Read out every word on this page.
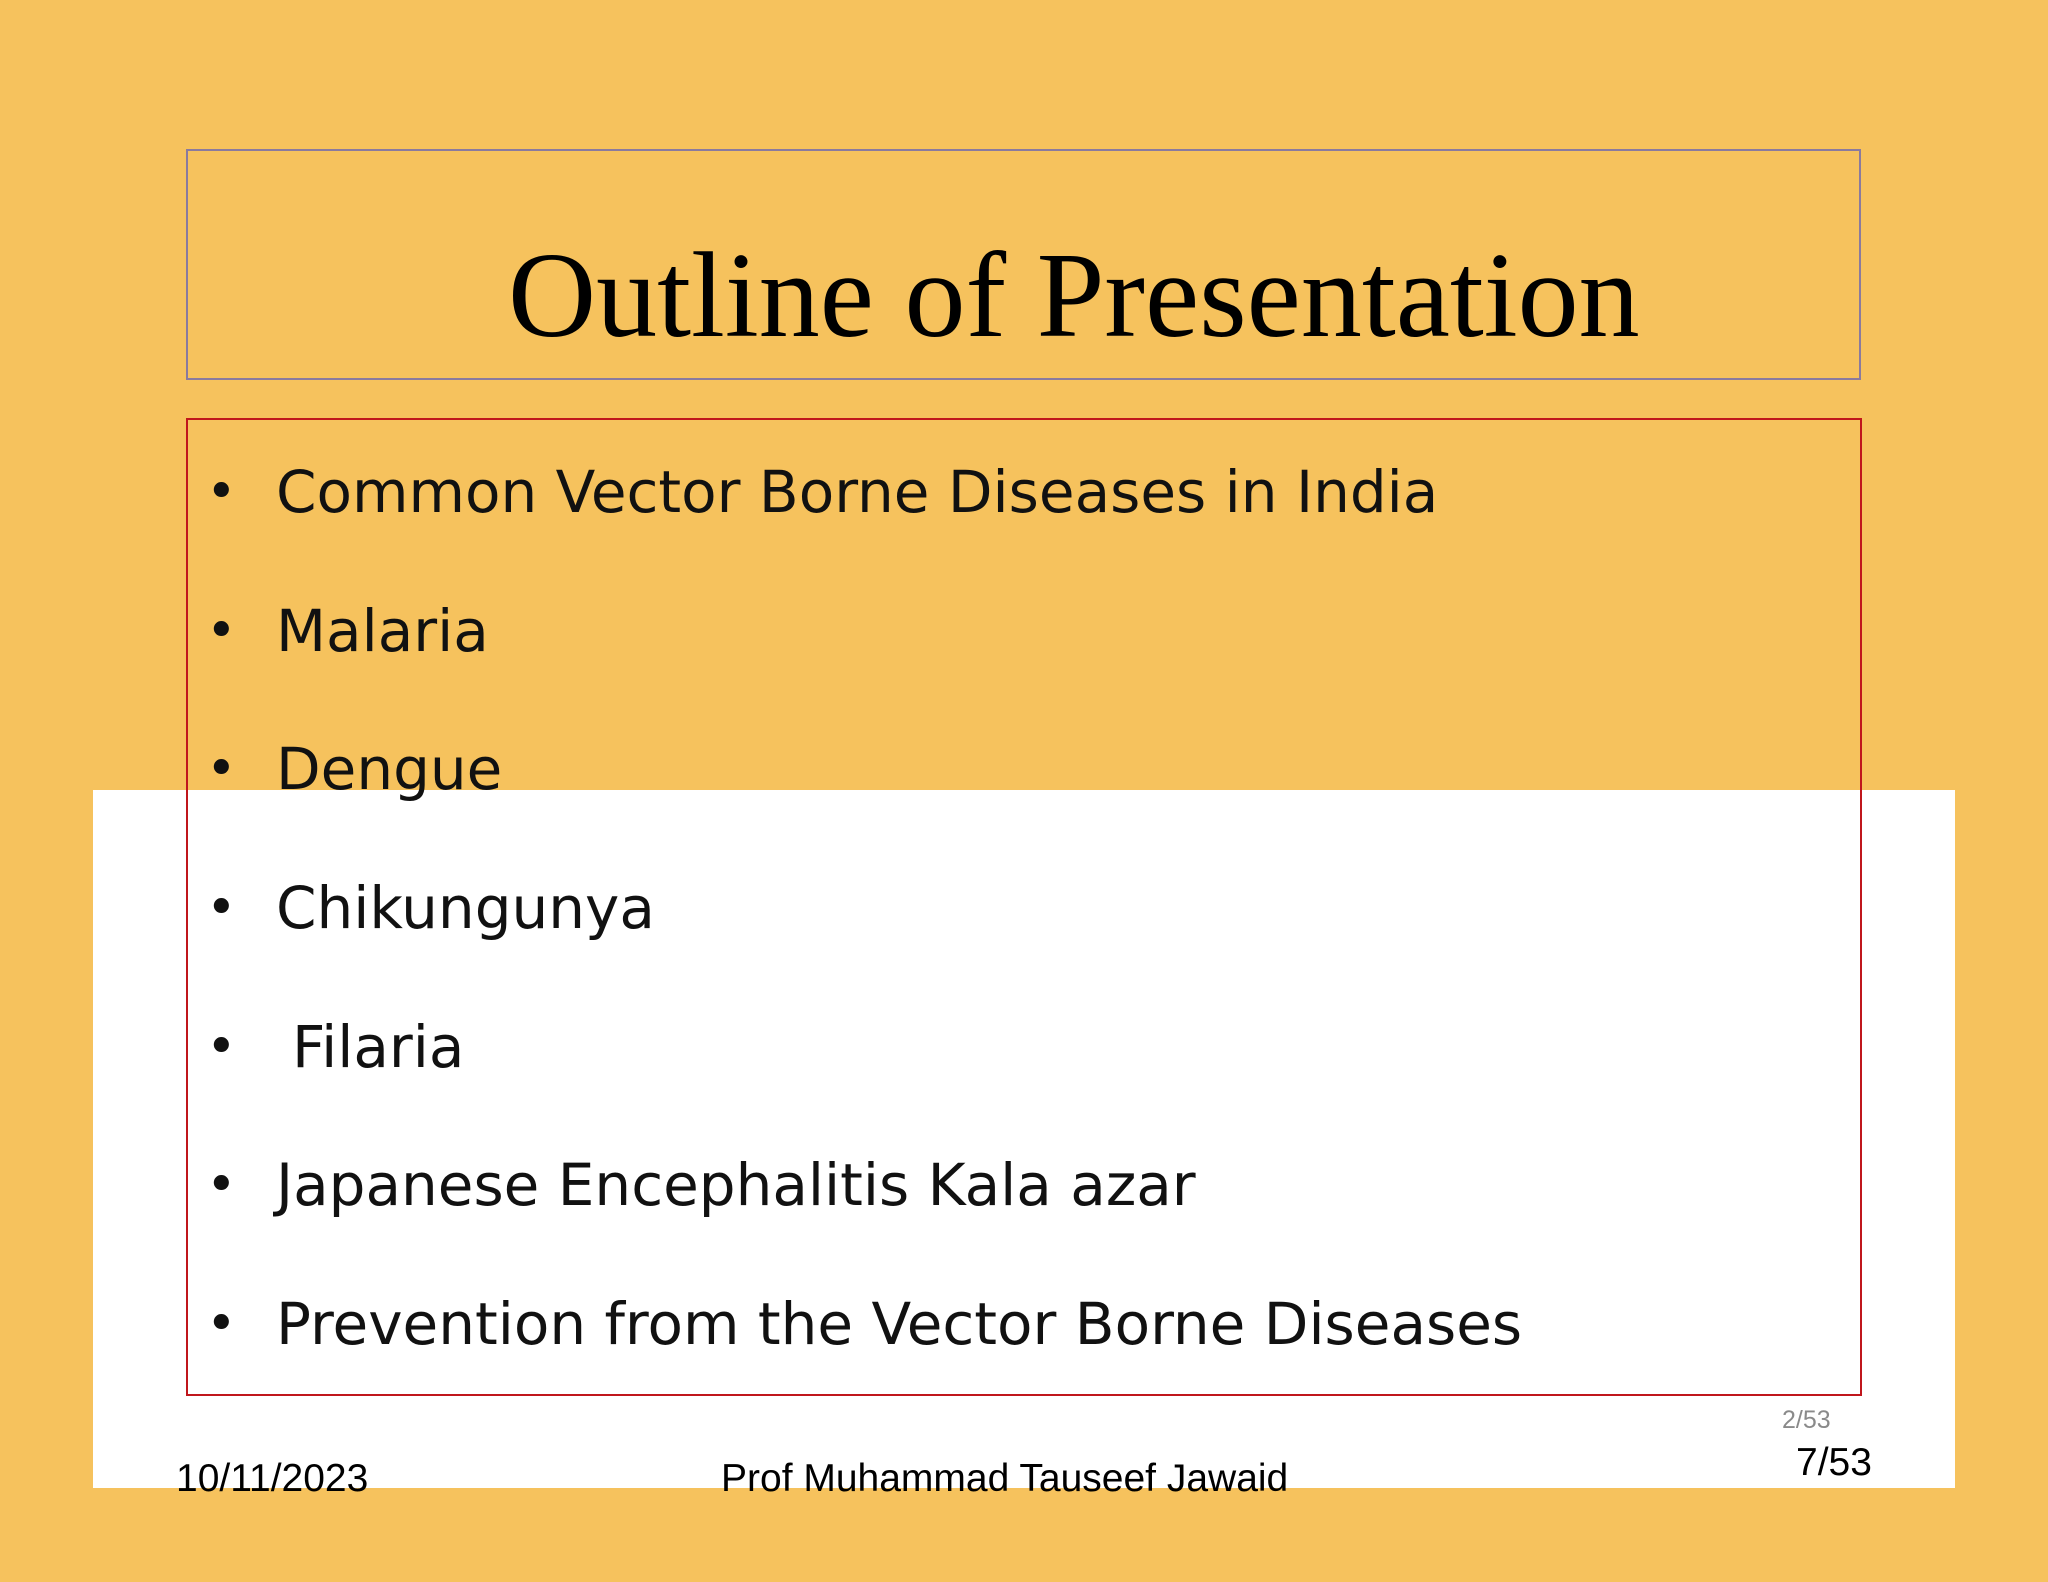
Outline of Presentation
• Common Vector Borne Diseases in India
• Malaria
• Dengue
• Chikungunya
• Filaria
• Japanese Encephalitis Kala azar
• Prevention from the Vector Borne Diseases
10/11/2023	Prof Muhammad Tauseef Jawaid
2/53
7/53
